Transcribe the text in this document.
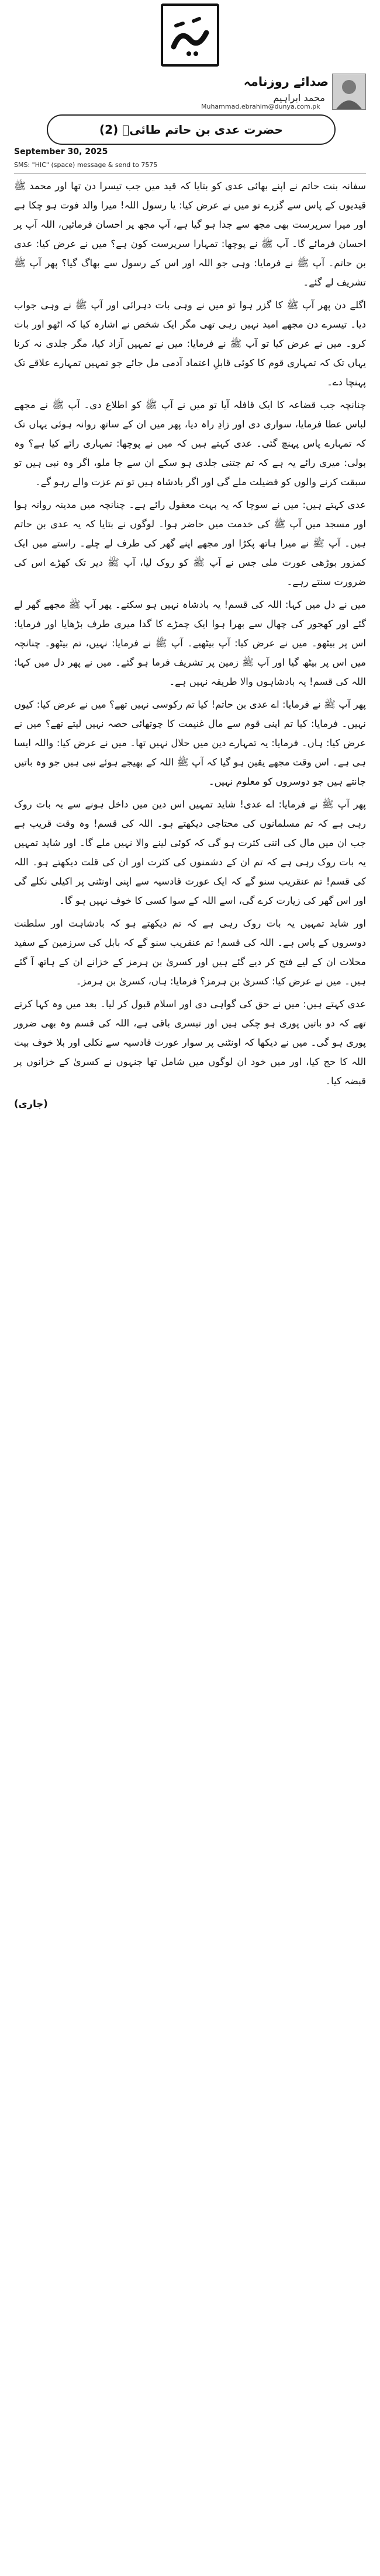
صدائے روزنامہ
محمد ابراہیم
Muhammad.ebrahim@dunya.com.pk
حضرت عدی بن حاتم طائیؓ (2)
September 30, 2025
SMS: "HIC" (space) message & send to 7575

سفانہ بنت حاتم نے اپنے بھائی عدی کو بتایا کہ قید میں جب تیسرا دن تھا اور محمد ﷺ قیدیوں کے پاس سے گزرے تو میں نے عرض کیا: یا رسول اللہ! میرا والد فوت ہو چکا ہے اور میرا سرپرست بھی مجھ سے جدا ہو گیا ہے، آپ مجھ پر احسان فرمائیں، اللہ آپ پر احسان فرمائے گا۔ آپ ﷺ نے پوچھا: تمہارا سرپرست کون ہے؟ میں نے عرض کیا: عدی بن حاتم۔ آپ ﷺ نے فرمایا: وہی جو اللہ اور اس کے رسول سے بھاگ گیا؟ پھر آپ ﷺ تشریف لے گئے۔

اگلے دن پھر آپ ﷺ کا گزر ہوا تو میں نے وہی بات دہرائی اور آپ ﷺ نے وہی جواب دیا۔ تیسرے دن مجھے امید نہیں رہی تھی مگر ایک شخص نے اشارہ کیا کہ اٹھو اور بات کرو۔ میں نے عرض کیا تو آپ ﷺ نے فرمایا: میں نے تمہیں آزاد کیا، مگر جلدی نہ کرنا یہاں تک کہ تمہاری قوم کا کوئی قابلِ اعتماد آدمی مل جائے جو تمہیں تمہارے علاقے تک پہنچا دے۔

چنانچہ جب قضاعہ کا ایک قافلہ آیا تو میں نے آپ ﷺ کو اطلاع دی۔ آپ ﷺ نے مجھے لباس عطا فرمایا، سواری دی اور زادِ راہ دیا، پھر میں ان کے ساتھ روانہ ہوئی یہاں تک کہ تمہارے پاس پہنچ گئی۔ عدی کہتے ہیں کہ میں نے پوچھا: تمہاری رائے کیا ہے؟ وہ بولی: میری رائے یہ ہے کہ تم جتنی جلدی ہو سکے ان سے جا ملو، اگر وہ نبی ہیں تو سبقت کرنے والوں کو فضیلت ملے گی اور اگر بادشاہ ہیں تو تم عزت والے رہو گے۔

عدی کہتے ہیں: میں نے سوچا کہ یہ بہت معقول رائے ہے۔ چنانچہ میں مدینہ روانہ ہوا اور مسجد میں آپ ﷺ کی خدمت میں حاضر ہوا۔ لوگوں نے بتایا کہ یہ عدی بن حاتم ہیں۔ آپ ﷺ نے میرا ہاتھ پکڑا اور مجھے اپنے گھر کی طرف لے چلے۔ راستے میں ایک کمزور بوڑھی عورت ملی جس نے آپ ﷺ کو روک لیا، آپ ﷺ دیر تک کھڑے اس کی ضرورت سنتے رہے۔

میں نے دل میں کہا: اللہ کی قسم! یہ بادشاہ نہیں ہو سکتے۔ پھر آپ ﷺ مجھے گھر لے گئے اور کھجور کی چھال سے بھرا ہوا ایک چمڑے کا گدا میری طرف بڑھایا اور فرمایا: اس پر بیٹھو۔ میں نے عرض کیا: آپ بیٹھیے۔ آپ ﷺ نے فرمایا: نہیں، تم بیٹھو۔ چنانچہ میں اس پر بیٹھ گیا اور آپ ﷺ زمین پر تشریف فرما ہو گئے۔ میں نے پھر دل میں کہا: اللہ کی قسم! یہ بادشاہوں والا طریقہ نہیں ہے۔

پھر آپ ﷺ نے فرمایا: اے عدی بن حاتم! کیا تم رکوسی نہیں تھے؟ میں نے عرض کیا: کیوں نہیں۔ فرمایا: کیا تم اپنی قوم سے مال غنیمت کا چوتھائی حصہ نہیں لیتے تھے؟ میں نے عرض کیا: ہاں۔ فرمایا: یہ تمہارے دین میں حلال نہیں تھا۔ میں نے عرض کیا: واللہ ایسا ہی ہے۔ اس وقت مجھے یقین ہو گیا کہ آپ ﷺ اللہ کے بھیجے ہوئے نبی ہیں جو وہ باتیں جانتے ہیں جو دوسروں کو معلوم نہیں۔

پھر آپ ﷺ نے فرمایا: اے عدی! شاید تمہیں اس دین میں داخل ہونے سے یہ بات روک رہی ہے کہ تم مسلمانوں کی محتاجی دیکھتے ہو۔ اللہ کی قسم! وہ وقت قریب ہے جب ان میں مال کی اتنی کثرت ہو گی کہ کوئی لینے والا نہیں ملے گا۔ اور شاید تمہیں یہ بات روک رہی ہے کہ تم ان کے دشمنوں کی کثرت اور ان کی قلت دیکھتے ہو۔ اللہ کی قسم! تم عنقریب سنو گے کہ ایک عورت قادسیہ سے اپنی اونٹنی پر اکیلی نکلے گی اور اس گھر کی زیارت کرے گی، اسے اللہ کے سوا کسی کا خوف نہیں ہو گا۔

اور شاید تمہیں یہ بات روک رہی ہے کہ تم دیکھتے ہو کہ بادشاہت اور سلطنت دوسروں کے پاس ہے۔ اللہ کی قسم! تم عنقریب سنو گے کہ بابل کی سرزمین کے سفید محلات ان کے لیے فتح کر دیے گئے ہیں اور کسریٰ بن ہرمز کے خزانے ان کے ہاتھ آ گئے ہیں۔ میں نے عرض کیا: کسریٰ بن ہرمز؟ فرمایا: ہاں، کسریٰ بن ہرمز۔

عدی کہتے ہیں: میں نے حق کی گواہی دی اور اسلام قبول کر لیا۔ بعد میں وہ کہا کرتے تھے کہ دو باتیں پوری ہو چکی ہیں اور تیسری باقی ہے، اللہ کی قسم وہ بھی ضرور پوری ہو گی۔ میں نے دیکھا کہ اونٹنی پر سوار عورت قادسیہ سے نکلی اور بلا خوف بیت اللہ کا حج کیا، اور میں خود ان لوگوں میں شامل تھا جنہوں نے کسریٰ کے خزانوں پر قبضہ کیا۔

(جاری)
